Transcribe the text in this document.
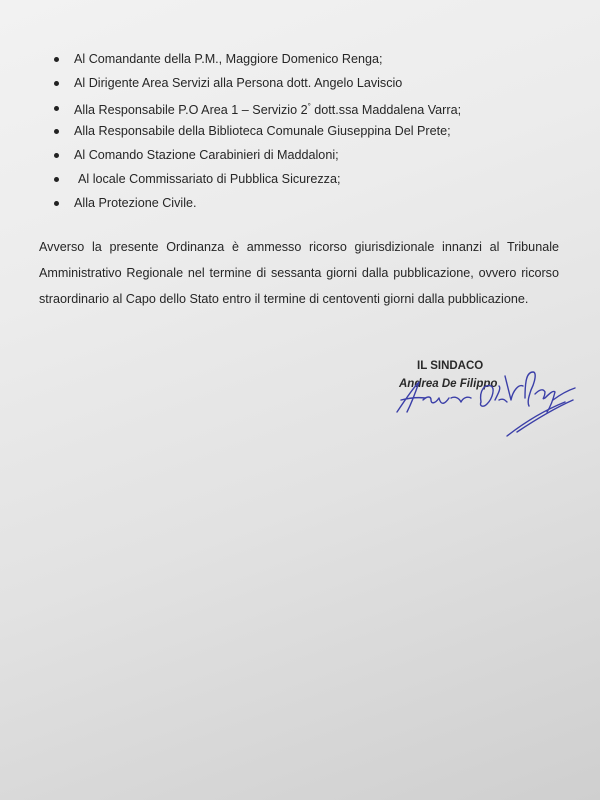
Al Comandante della P.M., Maggiore Domenico Renga;
Al Dirigente Area Servizi alla Persona dott. Angelo Laviscio
Alla Responsabile P.O Area 1 – Servizio 2° dott.ssa Maddalena Varra;
Alla Responsabile della Biblioteca Comunale Giuseppina Del Prete;
Al Comando Stazione Carabinieri di Maddaloni;
Al locale Commissariato di Pubblica Sicurezza;
Alla Protezione Civile.
Avverso la presente Ordinanza è ammesso ricorso giurisdizionale innanzi al Tribunale
Amministrativo Regionale nel termine di sessanta giorni dalla pubblicazione, ovvero ricorso
straordinario al Capo dello Stato entro il termine di centoventi giorni dalla pubblicazione.
IL SINDACO
Andrea De Filippo
